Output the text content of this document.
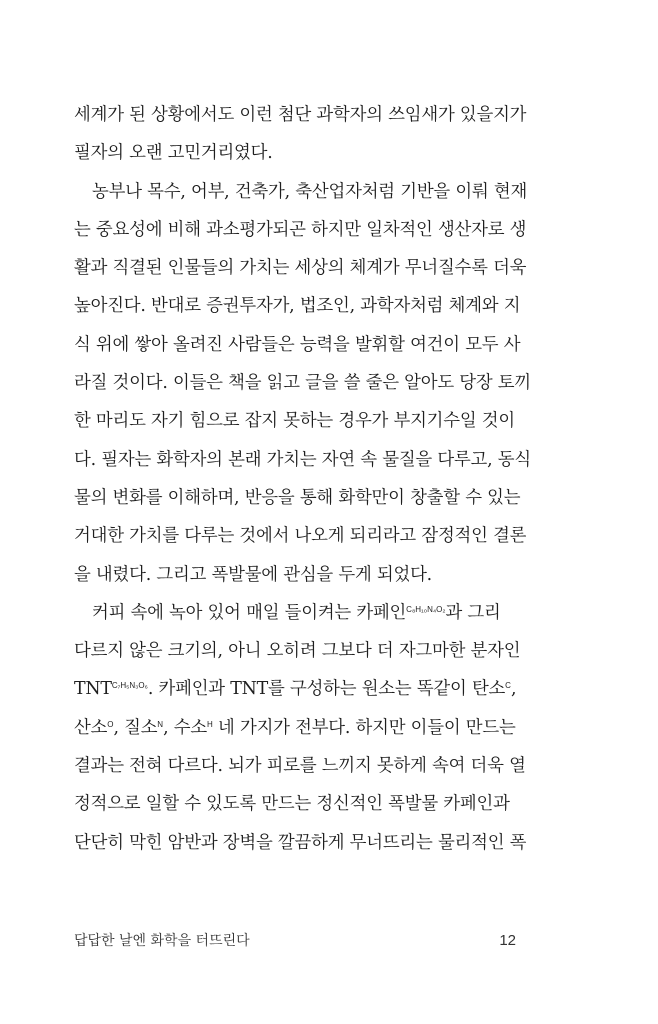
세계가 된 상황에서도 이런 첨단 과학자의 쓰임새가 있을지가
필자의 오랜 고민거리였다.
농부나 목수, 어부, 건축가, 축산업자처럼 기반을 이뤄 현재
는 중요성에 비해 과소평가되곤 하지만 일차적인 생산자로 생
활과 직결된 인물들의 가치는 세상의 체계가 무너질수록 더욱
높아진다. 반대로 증권투자가, 법조인, 과학자처럼 체계와 지
식 위에 쌓아 올려진 사람들은 능력을 발휘할 여건이 모두 사
라질 것이다. 이들은 책을 읽고 글을 쓸 줄은 알아도 당장 토끼
한 마리도 자기 힘으로 잡지 못하는 경우가 부지기수일 것이
다. 필자는 화학자의 본래 가치는 자연 속 물질을 다루고, 동식
물의 변화를 이해하며, 반응을 통해 화학만이 창출할 수 있는
거대한 가치를 다루는 것에서 나오게 되리라고 잠정적인 결론
을 내렸다. 그리고 폭발물에 관심을 두게 되었다.
커피 속에 녹아 있어 매일 들이켜는 카페인$^{C_8H_{10}N_4O_2}$과 그리
다르지 않은 크기의, 아니 오히려 그보다 더 자그마한 분자인
$TNT^{C_7H_5N_3O_6}$. 카페인과 TNT를 구성하는 원소는 똑같이 탄소$^C$,
산소$^O$, 질소$^N$, 수소$^H$ 네 가지가 전부다. 하지만 이들이 만드는
결과는 전혀 다르다. 뇌가 피로를 느끼지 못하게 속여 더욱 열
정적으로 일할 수 있도록 만드는 정신적인 폭발물 카페인과
단단히 막힌 암반과 장벽을 깔끔하게 무너뜨리는 물리적인 폭
답답한 날엔 화학을 터뜨린다	12
